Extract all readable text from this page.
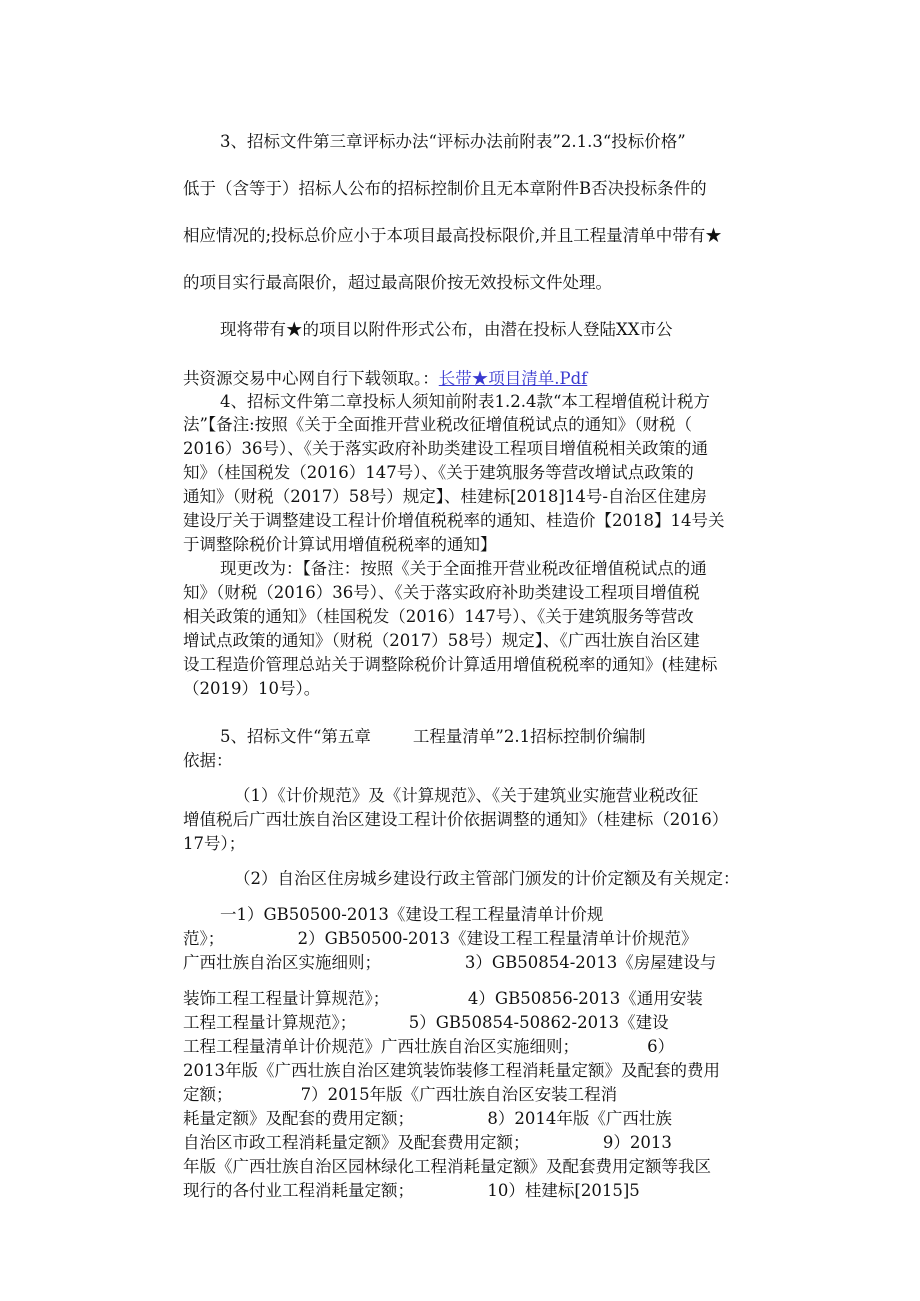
3、招标文件第三章评标办法“评标办法前附表”2.1.3“投标价格”

低于（含等于）招标人公布的招标控制价且无本章附件B否决投标条件的

相应情况的;投标总价应小于本项目最高投标限价,并且工程量清单中带有★

的项目实行最高限价，超过最高限价按无效投标文件处理。

现将带有★的项目以附件形式公布，由潜在投标人登陆XX市公

共资源交易中心网自行下载领取。：长带★项目清单.Pdf

4、招标文件第二章投标人须知前附表1.2.4款“本工程增值税计税方

法”【备注:按照《关于全面推开营业税改征增值税试点的通知》（财税（

2016）36号）、《关于落实政府补助类建设工程项目增值税相关政策的通

知》（桂国税发（2016）147号）、《关于建筑服务等营改增试点政策的

通知》（财税（2017）58号）规定】、桂建标[2018]14号-自治区住建房

建设厅关于调整建设工程计价增值税税率的通知、桂造价【2018】14号关

于调整除税价计算试用增值税税率的通知】

现更改为：【备注：按照《关于全面推开营业税改征增值税试点的通

知》（财税（2016）36号）、《关于落实政府补助类建设工程项目增值税

相关政策的通知》（桂国税发（2016）147号）、《关于建筑服务等营改

增试点政策的通知》（财税（2017）58号）规定】、《广西壮族自治区建

设工程造价管理总站关于调整除税价计算适用增值税税率的通知》(桂建标

（2019）10号）。

5、招标文件“第五章        工程量清单”2.1招标控制价编制

依据：

（1）《计价规范》及《计算规范》、《关于建筑业实施营业税改征

增值税后广西壮族自治区建设工程计价依据调整的通知》（桂建标（2016）

17号）；

（2）自治区住房城乡建设行政主管部门颁发的计价定额及有关规定：

一1）GB50500-2013《建设工程工程量清单计价规

范》；              2）GB50500-2013《建设工程工程量清单计价规范》

广西壮族自治区实施细则；                3）GB50854-2013《房屋建设与

装饰工程工程量计算规范》；               4）GB50856-2013《通用安装

工程工程量计算规范》；          5）GB50854-50862-2013《建设

工程工程量清单计价规范》广西壮族自治区实施细则；             6）

2013年版《广西壮族自治区建筑装饰装修工程消耗量定额》及配套的费用

定额；             7）2015年版《广西壮族自治区安装工程消

耗量定额》及配套的费用定额；              8）2014年版《广西壮族

自治区市政工程消耗量定额》及配套费用定额；              9）2013

年版《广西壮族自治区园林绿化工程消耗量定额》及配套费用定额等我区

现行的各付业工程消耗量定额；              10）桂建标[2015]5
